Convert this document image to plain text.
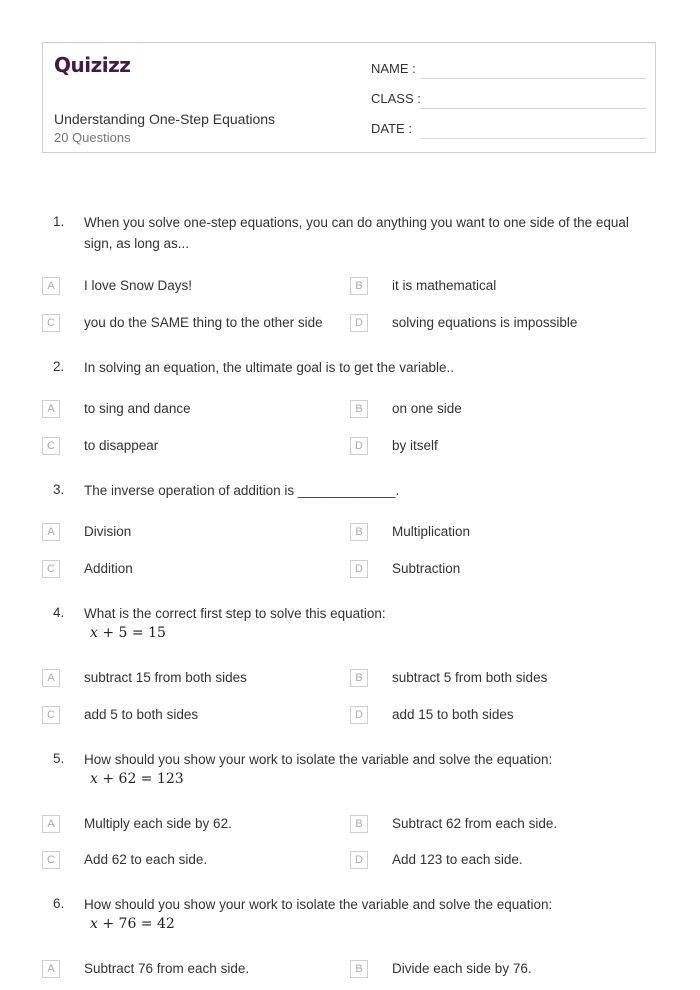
Quizizz
Understanding One-Step Equations
20 Questions
NAME :
CLASS :
DATE :
1. When you solve one-step equations, you can do anything you want to one side of the equal sign, as long as...
A	I love Snow Days!	B	it is mathematical
C	you do the SAME thing to the other side	D	solving equations is impossible
2. In solving an equation, the ultimate goal is to get the variable..
A	to sing and dance	B	on one side
C	to disappear	D	by itself
3. The inverse operation of addition is _____________.
A	Division	B	Multiplication
C	Addition	D	Subtraction
4. What is the correct first step to solve this equation:
x + 5 = 15
A	subtract 15 from both sides	B	subtract 5 from both sides
C	add 5 to both sides	D	add 15 to both sides
5. How should you show your work to isolate the variable and solve the equation:
x + 62 = 123
A	Multiply each side by 62.	B	Subtract 62 from each side.
C	Add 62 to each side.	D	Add 123 to each side.
6. How should you show your work to isolate the variable and solve the equation:
x + 76 = 42
A	Subtract 76 from each side.	B	Divide each side by 76.
